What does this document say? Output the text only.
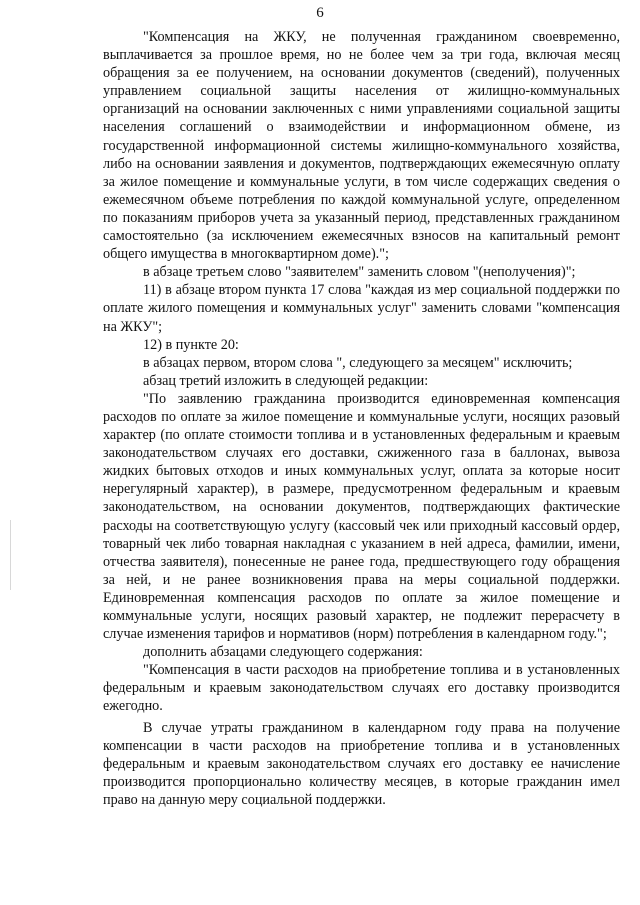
6

"Компенсация на ЖКУ, не полученная гражданином своевременно, выплачивается за прошлое время, но не более чем за три года, включая месяц обращения за ее получением, на основании документов (сведений), полученных управлением социальной защиты населения от жилищно-коммунальных организаций на основании заключенных с ними управлениями социальной защиты населения соглашений о взаимодействии и информационном обмене, из государственной информационной системы жилищно-коммунального хозяйства, либо на основании заявления и документов, подтверждающих ежемесячную оплату за жилое помещение и коммунальные услуги, в том числе содержащих сведения о ежемесячном объеме потребления по каждой коммунальной услуге, определенном по показаниям приборов учета за указанный период, представленных гражданином самостоятельно (за исключением ежемесячных взносов на капитальный ремонт общего имущества в многоквартирном доме).";

в абзаце третьем слово "заявителем" заменить словом "(неполучения)";

11) в абзаце втором пункта 17 слова "каждая из мер социальной поддержки по оплате жилого помещения и коммунальных услуг" заменить словами "компенсация на ЖКУ";

12) в пункте 20:

в абзацах первом, втором слова ", следующего за месяцем" исключить;

абзац третий изложить в следующей редакции:

"По заявлению гражданина производится единовременная компенсация расходов по оплате за жилое помещение и коммунальные услуги, носящих разовый характер (по оплате стоимости топлива и в установленных федеральным и краевым законодательством случаях его доставки, сжиженного газа в баллонах, вывоза жидких бытовых отходов и иных коммунальных услуг, оплата за которые носит нерегулярный характер), в размере, предусмотренном федеральным и краевым законодательством, на основании документов, подтверждающих фактические расходы на соответствующую услугу (кассовый чек или приходный кассовый ордер, товарный чек либо товарная накладная с указанием в ней адреса, фамилии, имени, отчества заявителя), понесенные не ранее года, предшествующего году обращения за ней, и не ранее возникновения права на меры социальной поддержки. Единовременная компенсация расходов по оплате за жилое помещение и коммунальные услуги, носящих разовый характер, не подлежит перерасчету в случае изменения тарифов и нормативов (норм) потребления в календарном году.";

дополнить абзацами следующего содержания:

"Компенсация в части расходов на приобретение топлива и в установленных федеральным и краевым законодательством случаях его доставку производится ежегодно.

В случае утраты гражданином в календарном году права на получение компенсации в части расходов на приобретение топлива и в установленных федеральным и краевым законодательством случаях его доставку ее начисление производится пропорционально количеству месяцев, в которые гражданин имел право на данную меру социальной поддержки.
